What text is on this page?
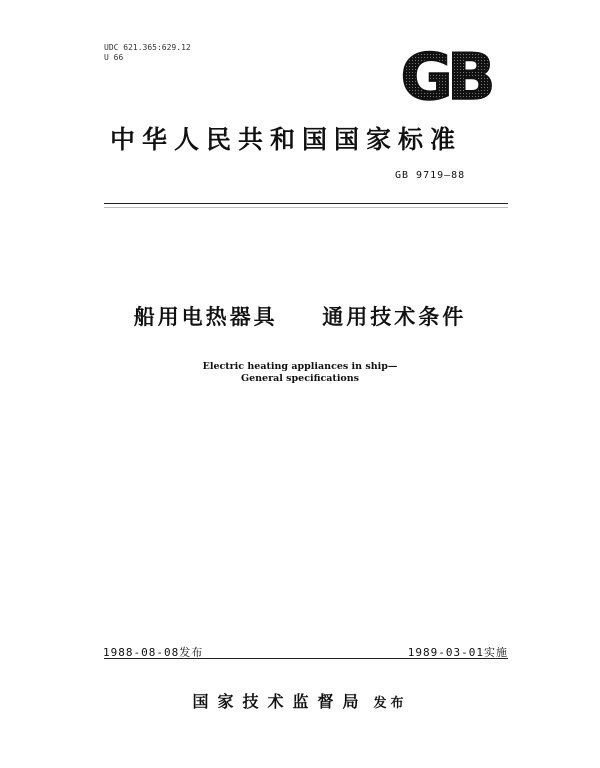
UDC 621.365:629.12
U 66	GB
中华人民共和国国家标准
GB 9719—88
船用电热器具  通用技术条件
Electric heating appliances in ship—
General specifications
1988-08-08发布	1989-03-01实施
国家技术监督局 发布
